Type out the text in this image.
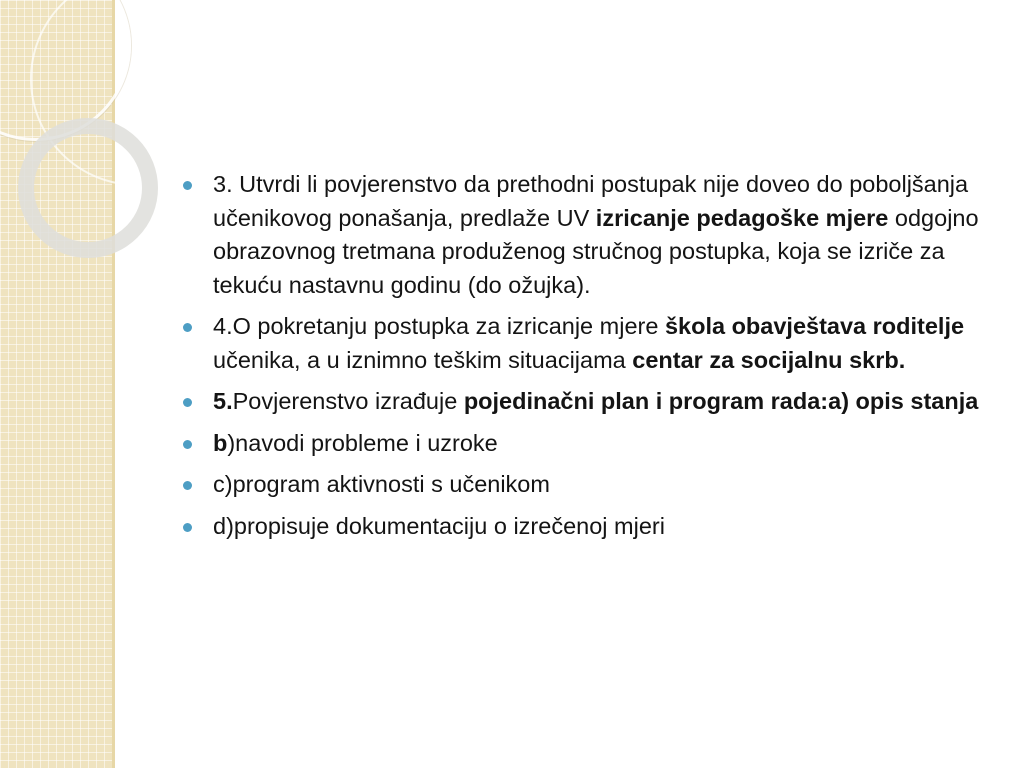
3. Utvrdi li povjerenstvo da prethodni postupak nije doveo do poboljšanja učenikovog ponašanja, predlaže UV izricanje pedagoške mjere odgojno obrazovnog tretmana produženog stručnog postupka, koja se izriče za tekuću nastavnu godinu (do ožujka).
4.O pokretanju postupka za izricanje mjere škola obavještava roditelje učenika, a u iznimno teškim situacijama centar za socijalnu skrb.
5.Povjerenstvo izrađuje pojedinačni plan i program rada:a) opis stanja
b)navodi probleme i uzroke
c)program aktivnosti s učenikom
d)propisuje dokumentaciju o izrečenoj mjeri
